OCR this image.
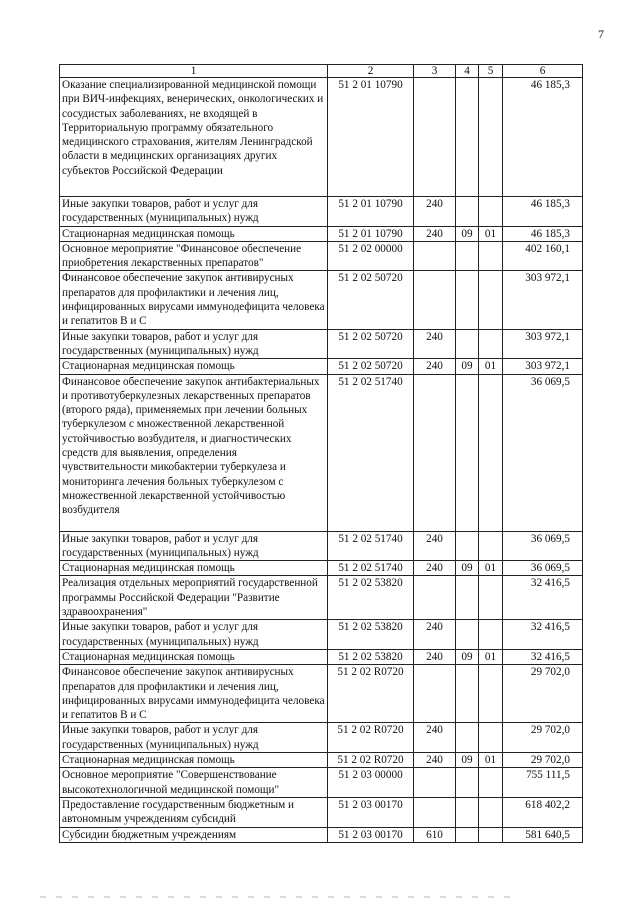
7
1	2	3	4	5	6
Оказание специализированной медицинской помощи при ВИЧ-инфекциях, венерических, онкологических и сосудистых заболеваниях, не входящей в Территориальную программу обязательного медицинского страхования, жителям Ленинградской области в медицинских организациях других субъектов Российской Федерации	51 2 01 10790				46 185,3
Иные закупки товаров, работ и услуг для государственных (муниципальных) нужд	51 2 01 10790	240			46 185,3
Стационарная медицинская помощь	51 2 01 10790	240	09	01	46 185,3
Основное мероприятие "Финансовое обеспечение приобретения лекарственных препаратов"	51 2 02 00000				402 160,1
Финансовое обеспечение закупок антивирусных препаратов для профилактики и лечения лиц, инфицированных вирусами иммунодефицита человека и гепатитов В и С	51 2 02 50720				303 972,1
Иные закупки товаров, работ и услуг для государственных (муниципальных) нужд	51 2 02 50720	240			303 972,1
Стационарная медицинская помощь	51 2 02 50720	240	09	01	303 972,1
Финансовое обеспечение закупок антибактериальных и противотуберкулезных лекарственных препаратов (второго ряда), применяемых при лечении больных туберкулезом с множественной лекарственной устойчивостью возбудителя, и диагностических средств для выявления, определения чувствительности микобактерии туберкулеза и мониторинга лечения больных туберкулезом с множественной лекарственной устойчивостью возбудителя	51 2 02 51740				36 069,5
Иные закупки товаров, работ и услуг для государственных (муниципальных) нужд	51 2 02 51740	240			36 069,5
Стационарная медицинская помощь	51 2 02 51740	240	09	01	36 069,5
Реализация отдельных мероприятий государственной программы Российской Федерации "Развитие здравоохранения"	51 2 02 53820				32 416,5
Иные закупки товаров, работ и услуг для государственных (муниципальных) нужд	51 2 02 53820	240			32 416,5
Стационарная медицинская помощь	51 2 02 53820	240	09	01	32 416,5
Финансовое обеспечение закупок антивирусных препаратов для профилактики и лечения лиц, инфицированных вирусами иммунодефицита человека и гепатитов В и С	51 2 02 R0720				29 702,0
Иные закупки товаров, работ и услуг для государственных (муниципальных) нужд	51 2 02 R0720	240			29 702,0
Стационарная медицинская помощь	51 2 02 R0720	240	09	01	29 702,0
Основное мероприятие "Совершенствование высокотехнологичной медицинской помощи"	51 2 03 00000				755 111,5
Предоставление государственным бюджетным и автономным учреждениям субсидий	51 2 03 00170				618 402,2
Субсидии бюджетным учреждениям	51 2 03 00170	610			581 640,5
